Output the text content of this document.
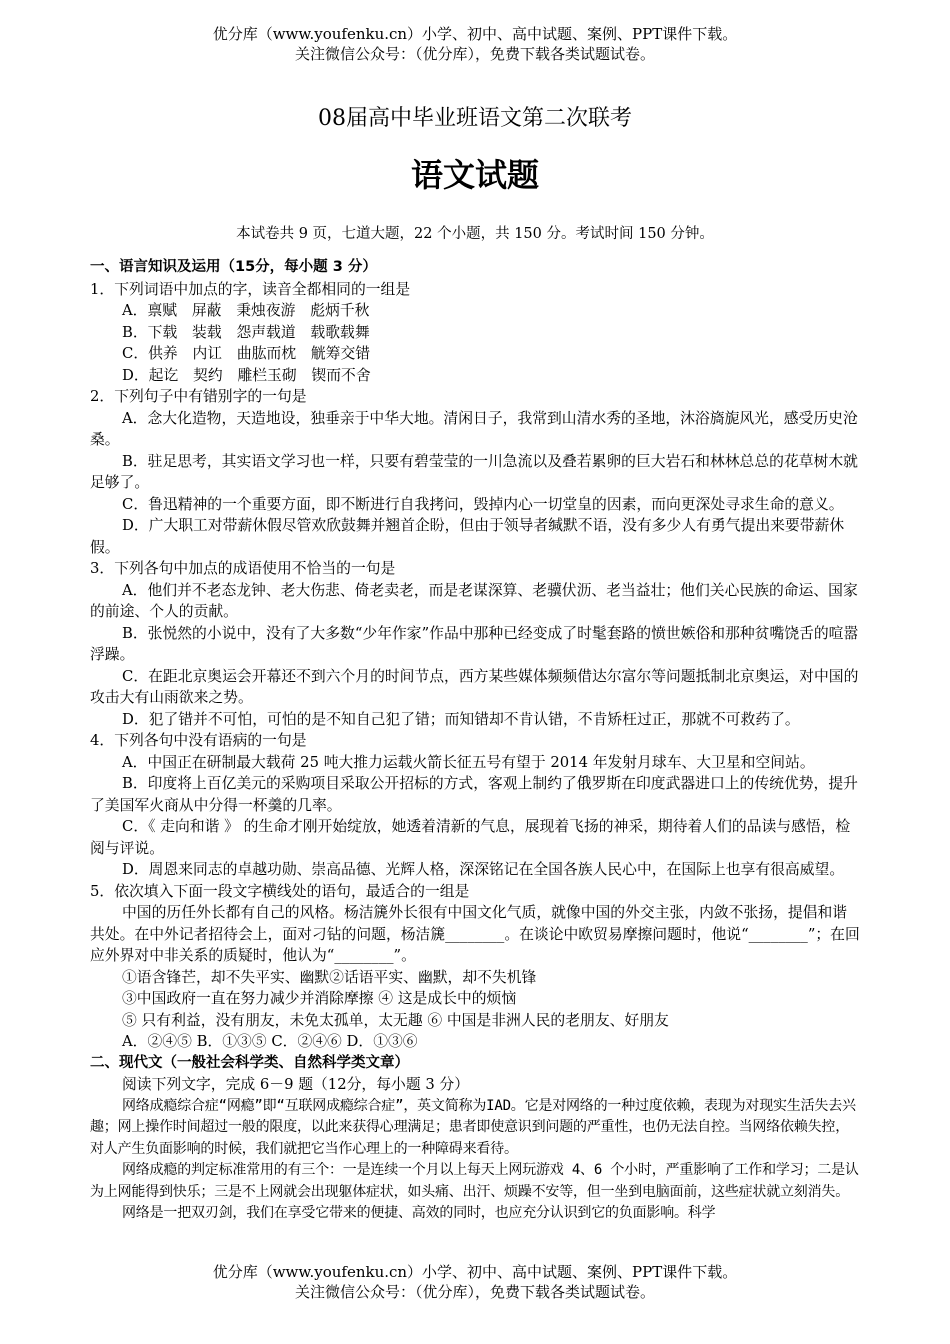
优分库（www.youfenku.cn）小学、初中、高中试题、案例、PPT课件下载。
关注微信公众号：（优分库），免费下载各类试题试卷。
08届高中毕业班语文第二次联考
语文试题
本试卷共 9 页，七道大题，22 个小题，共 150 分。考试时间 150 分钟。

一、语言知识及运用（15分，每小题 3 分）

1．下列词语中加点的字，读音全都相同的一组是

A．禀赋　屏蔽　秉烛夜游　彪炳千秋

B．下载　装载　怨声载道　载歌载舞

C．供养　内讧　曲肱而枕　觥筹交错

D．起讫　契约　雕栏玉砌　锲而不舍

2．下列句子中有错别字的一句是

A．念大化造物，天造地设，独垂亲于中华大地。清闲日子，我常到山清水秀的圣地，沐浴旖旎风光，感受历史沧桑。

B．驻足思考，其实语文学习也一样，只要有碧莹莹的一川急流以及叠若累卵的巨大岩石和林林总总的花草树木就足够了。

C．鲁迅精神的一个重要方面，即不断进行自我拷问，毁掉内心一切堂皇的因素，而向更深处寻求生命的意义。

D．广大职工对带薪休假尽管欢欣鼓舞并翘首企盼，但由于领导者缄默不语，没有多少人有勇气提出来要带薪休假。

3．下列各句中加点的成语使用不恰当的一句是

A．他们并不老态龙钟、老大伤悲、倚老卖老，而是老谋深算、老骥伏沥、老当益壮；他们关心民族的命运、国家的前途、个人的贡献。

B．张悦然的小说中，没有了大多数“少年作家”作品中那种已经变成了时髦套路的愤世嫉俗和那种贫嘴饶舌的喧嚣浮躁。

C．在距北京奥运会开幕还不到六个月的时间节点，西方某些媒体频频借达尔富尔等问题抵制北京奥运，对中国的攻击大有山雨欲来之势。

D．犯了错并不可怕，可怕的是不知自己犯了错；而知错却不肯认错，不肯矫枉过正，那就不可救药了。

4．下列各句中没有语病的一句是

A．中国正在研制最大载荷 25 吨大推力运载火箭长征五号有望于 2014 年发射月球车、大卫星和空间站。

B．印度将上百亿美元的采购项目采取公开招标的方式，客观上制约了俄罗斯在印度武器进口上的传统优势，提升了美国军火商从中分得一杯羹的几率。

C．《 走向和谐 》 的生命才刚开始绽放，她透着清新的气息，展现着飞扬的神采，期待着人们的品读与感悟，检阅与评说。

D．周恩来同志的卓越功勋、崇高品德、光辉人格，深深铭记在全国各族人民心中，在国际上也享有很高威望。

5．依次填入下面一段文字横线处的语句，最适合的一组是

中国的历任外长都有自己的风格。杨洁篪外长很有中国文化气质，就像中国的外交主张，内敛不张扬，提倡和谐共处。在中外记者招待会上，面对刁钻的问题，杨洁篪________。在谈论中欧贸易摩擦问题时，他说“________”；在回应外界对中非关系的质疑时，他认为“________”。

①语含锋芒，却不失平实、幽默②话语平实、幽默，却不失机锋

③中国政府一直在努力减少并消除摩擦 ④ 这是成长中的烦恼

⑤ 只有利益，没有朋友，未免太孤单，太无趣 ⑥ 中国是非洲人民的老朋友、好朋友

A．②④⑤ B．①③⑤ C．②④⑥ D．①③⑥

二、现代文（一般社会科学类、自然科学类文章）

阅读下列文字，完成 6－9 题（12分，每小题 3 分）

网络成瘾综合症“网瘾”即“互联网成瘾综合症”，英文简称为IAD。它是对网络的一种过度依赖，表现为对现实生活失去兴趣；网上操作时间超过一般的限度，以此来获得心理满足；患者即使意识到问题的严重性，也仍无法自控。当网络依赖失控，对人产生负面影响的时候，我们就把它当作心理上的一种障碍来看待。

网络成瘾的判定标准常用的有三个：一是连续一个月以上每天上网玩游戏 4、6 个小时，严重影响了工作和学习；二是认为上网能得到快乐；三是不上网就会出现躯体症状，如头痛、出汗、烦躁不安等，但一坐到电脑面前，这些症状就立刻消失。

网络是一把双刃剑，我们在享受它带来的便捷、高效的同时，也应充分认识到它的负面影响。科学

优分库（www.youfenku.cn）小学、初中、高中试题、案例、PPT课件下载。
关注微信公众号：（优分库），免费下载各类试题试卷。
